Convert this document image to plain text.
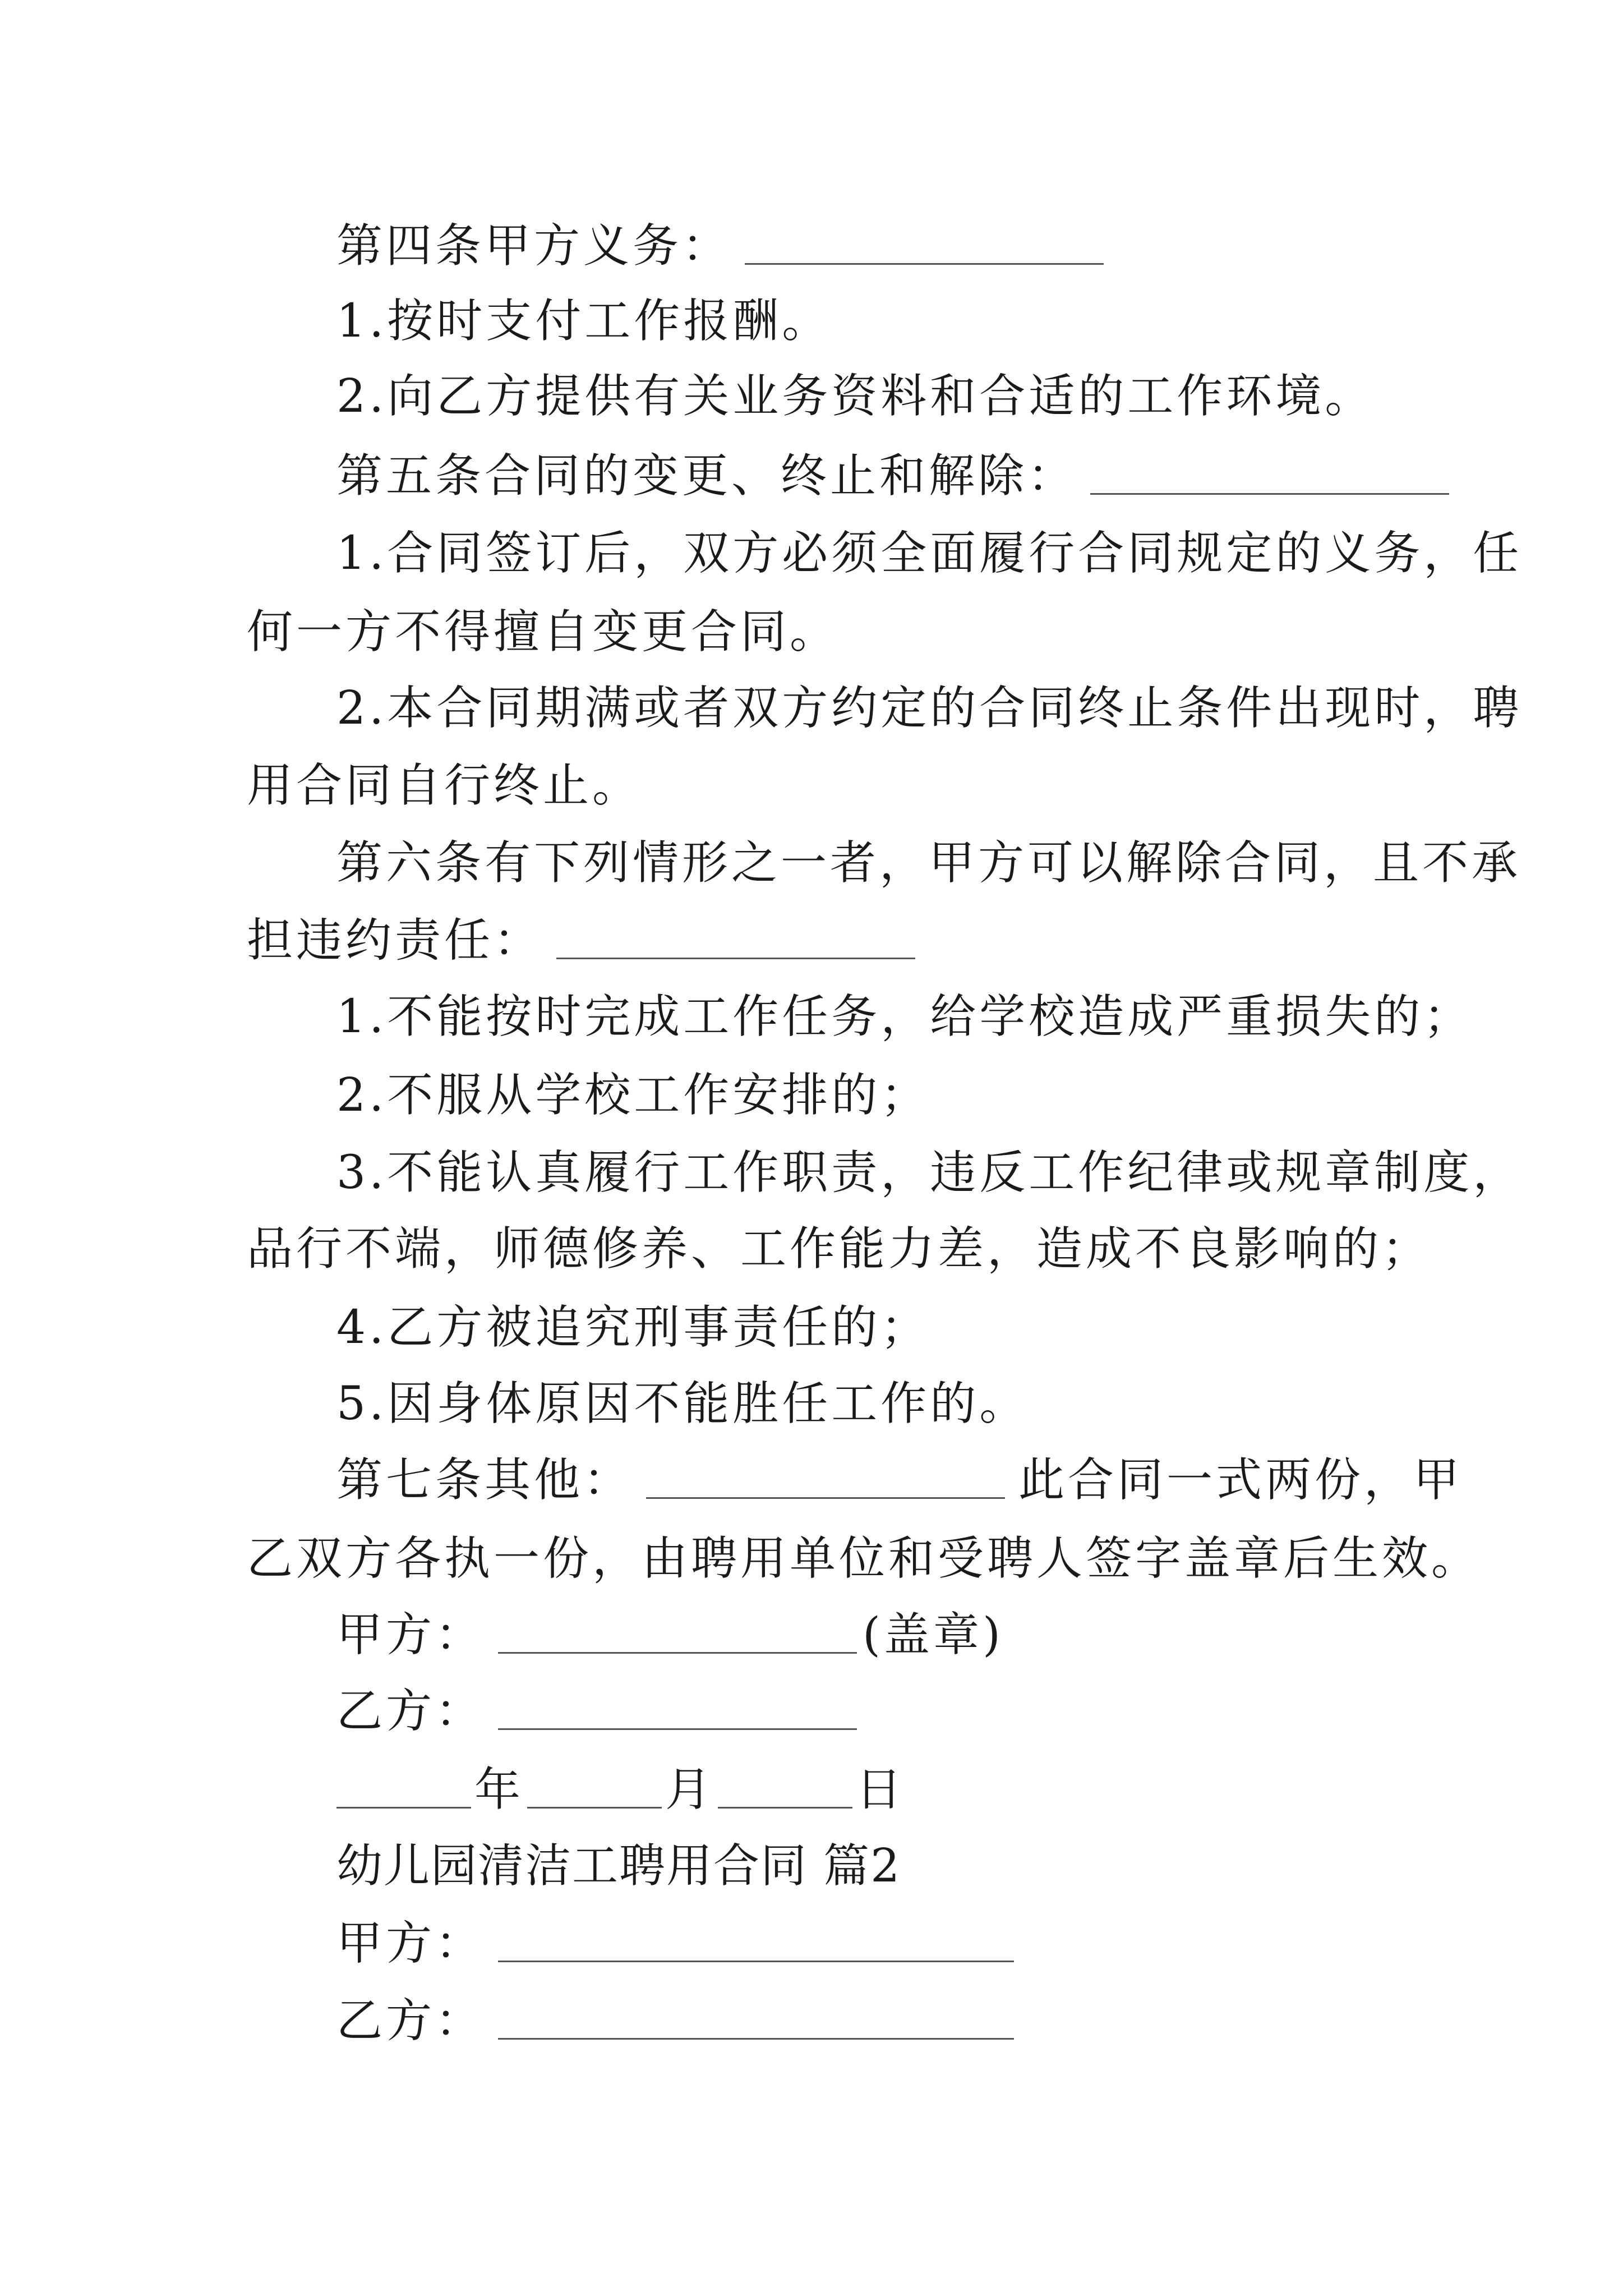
第四条甲方义务：
1.按时支付工作报酬。
2.向乙方提供有关业务资料和合适的工作环境。
第五条合同的变更、终止和解除：
1.合同签订后，双方必须全面履行合同规定的义务，任
何一方不得擅自变更合同。
2.本合同期满或者双方约定的合同终止条件出现时，聘
用合同自行终止。
第六条有下列情形之一者，甲方可以解除合同，且不承
担违约责任：
1.不能按时完成工作任务，给学校造成严重损失的；
2.不服从学校工作安排的；
3.不能认真履行工作职责，违反工作纪律或规章制度，
品行不端，师德修养、工作能力差，造成不良影响的；
4.乙方被追究刑事责任的；
5.因身体原因不能胜任工作的。
第七条其他：	此合同一式两份，甲
乙双方各执一份，由聘用单位和受聘人签字盖章后生效。
甲方：	(盖章)
乙方：
年	月	日
幼儿园清洁工聘用合同 篇2
甲方：
乙方：
